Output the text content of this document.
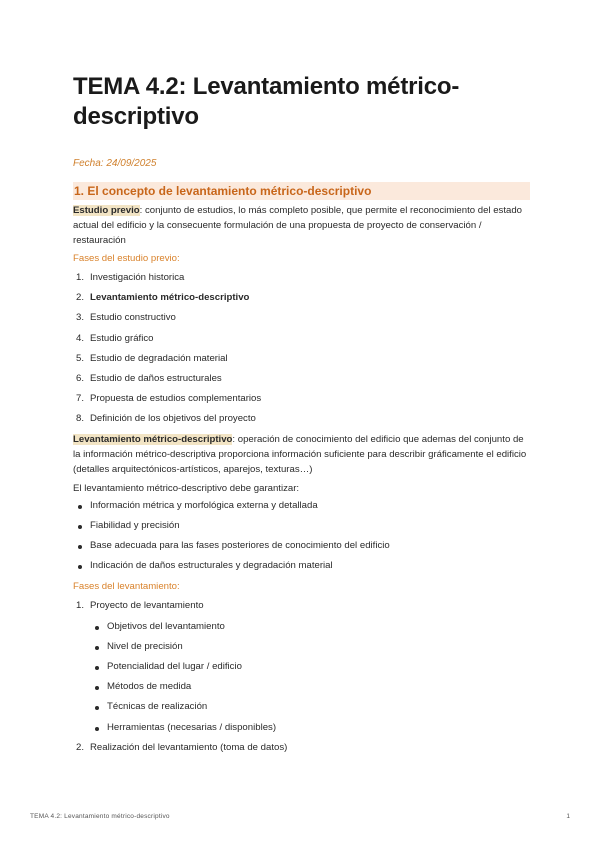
TEMA 4.2: Levantamiento métrico-descriptivo
Fecha: 24/09/2025
1. El concepto de levantamiento métrico-descriptivo

Estudio previo: conjunto de estudios, lo más completo posible, que permite el reconocimiento del estado actual del edificio y la consecuente formulación de una propuesta de proyecto de conservación / restauración

Fases del estudio previo:
1. Investigación historica
2. Levantamiento métrico-descriptivo
3. Estudio constructivo
4. Estudio gráfico
5. Estudio de degradación material
6. Estudio de daños estructurales
7. Propuesta de estudios complementarios
8. Definición de los objetivos del proyecto

Levantamiento métrico-descriptivo: operación de conocimiento del edificio que ademas del conjunto de la información métrico-descriptiva proporciona información suficiente para describir gráficamente el edificio (detalles arquitectónicos-artísticos, aparejos, texturas…)

El levantamiento métrico-descriptivo debe garantizar:

Información métrica y morfológica externa y detallada
Fiabilidad y precisión
Base adecuada para las fases posteriores de conocimiento del edificio
Indicación de daños estructurales y degradación material
Fases del levantamiento:
1. Proyecto de levantamiento
Objetivos del levantamiento
Nivel de precisión
Potencialidad del lugar / edificio
Métodos de medida
Técnicas de realización
Herramientas (necesarias / disponibles)
2. Realización del levantamiento (toma de datos)
TEMA 4.2: Levantamiento métrico-descriptivo	1
